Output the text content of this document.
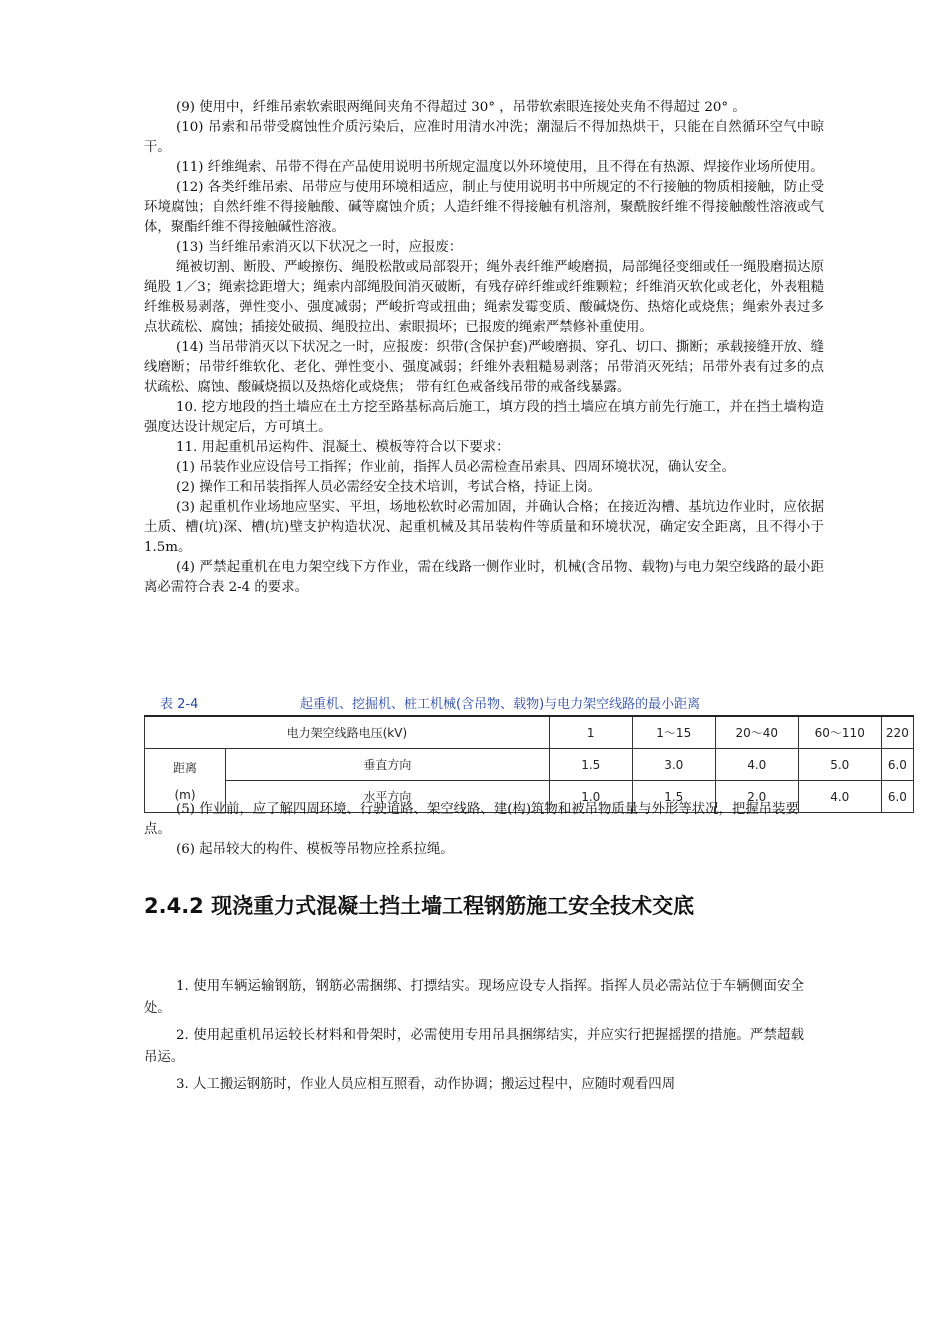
(9) 使用中，纤维吊索软索眼两绳间夹角不得超过 30° ，吊带软索眼连接处夹角不得超过 20° 。

(10) 吊索和吊带受腐蚀性介质污染后，应准时用清水冲洗；潮湿后不得加热烘干，只能在自然循环空气中晾干。

(11) 纤维绳索、吊带不得在产品使用说明书所规定温度以外环境使用，且不得在有热源、焊接作业场所使用。

(12) 各类纤维吊索、吊带应与使用环境相适应，制止与使用说明书中所规定的不行接触的物质相接触，防止受环境腐蚀；自然纤维不得接触酸、碱等腐蚀介质；人造纤维不得接触有机溶剂，聚酰胺纤维不得接触酸性溶液或气体，聚酯纤维不得接触碱性溶液。

(13) 当纤维吊索消灭以下状况之一时，应报废：

绳被切割、断股、严峻擦伤、绳股松散或局部裂开；绳外表纤维严峻磨损，局部绳径变细或任一绳股磨损达原绳股 1／3；绳索捻距增大；绳索内部绳股间消灭破断，有残存碎纤维或纤维颗粒；纤维消灭软化或老化，外表粗糙纤维极易剥落，弹性变小、强度减弱；严峻折弯或扭曲；绳索发霉变质、酸碱烧伤、热熔化或烧焦；绳索外表过多点状疏松、腐蚀；插接处破损、绳股拉出、索眼损坏；已报废的绳索严禁修补重使用。

(14) 当吊带消灭以下状况之一时，应报废：织带(含保护套)严峻磨损、穿孔、切口、撕断；承载接缝开放、缝线磨断；吊带纤维软化、老化、弹性变小、强度减弱；纤维外表粗糙易剥落；吊带消灭死结；吊带外表有过多的点状疏松、腐蚀、酸碱烧损以及热熔化或烧焦； 带有红色戒备线吊带的戒备线暴露。

10. 挖方地段的挡土墙应在土方挖至路基标高后施工，填方段的挡土墙应在填方前先行施工，并在挡土墙构造强度达设计规定后，方可填土。

11. 用起重机吊运构件、混凝土、模板等符合以下要求：

(1) 吊装作业应设信号工指挥；作业前，指挥人员必需检查吊索具、四周环境状况，确认安全。

(2) 操作工和吊装指挥人员必需经安全技术培训，考试合格，持证上岗。

(3) 起重机作业场地应坚实、平坦，场地松软时必需加固，并确认合格；在接近沟槽、基坑边作业时，应依据土质、槽(坑)深、槽(坑)壁支护构造状况、起重机械及其吊装构件等质量和环境状况，确定安全距离，且不得小于 1.5m。

(4) 严禁起重机在电力架空线下方作业，需在线路一侧作业时，机械(含吊物、载物)与电力架空线路的最小距离必需符合表 2-4 的要求。

表 2-4	起重机、挖掘机、桩工机械(含吊物、载物)与电力架空线路的最小距离
电力架空线路电压(kV)		1	1～15	20～40	60～110	220

距离
(m)	垂直方向	1.5	3.0	4.0	5.0	6.0
	水平方向	1.0	1.5	2.0	4.0	6.0

(5) 作业前，应了解四周环境、行驶道路、架空线路、建(构)筑物和被吊物质量与外形等状况，把握吊装要点。

(6) 起吊较大的构件、模板等吊物应拴系拉绳。

2.4.2 现浇重力式混凝土挡土墙工程钢筋施工安全技术交底

1. 使用车辆运输钢筋，钢筋必需捆绑、打摽结实。现场应设专人指挥。指挥人员必需站位于车辆侧面安全处。

2. 使用起重机吊运较长材料和骨架时，必需使用专用吊具捆绑结实，并应实行把握摇摆的措施。严禁超载吊运。

3. 人工搬运钢筋时，作业人员应相互照看，动作协调；搬运过程中，应随时观看四周
